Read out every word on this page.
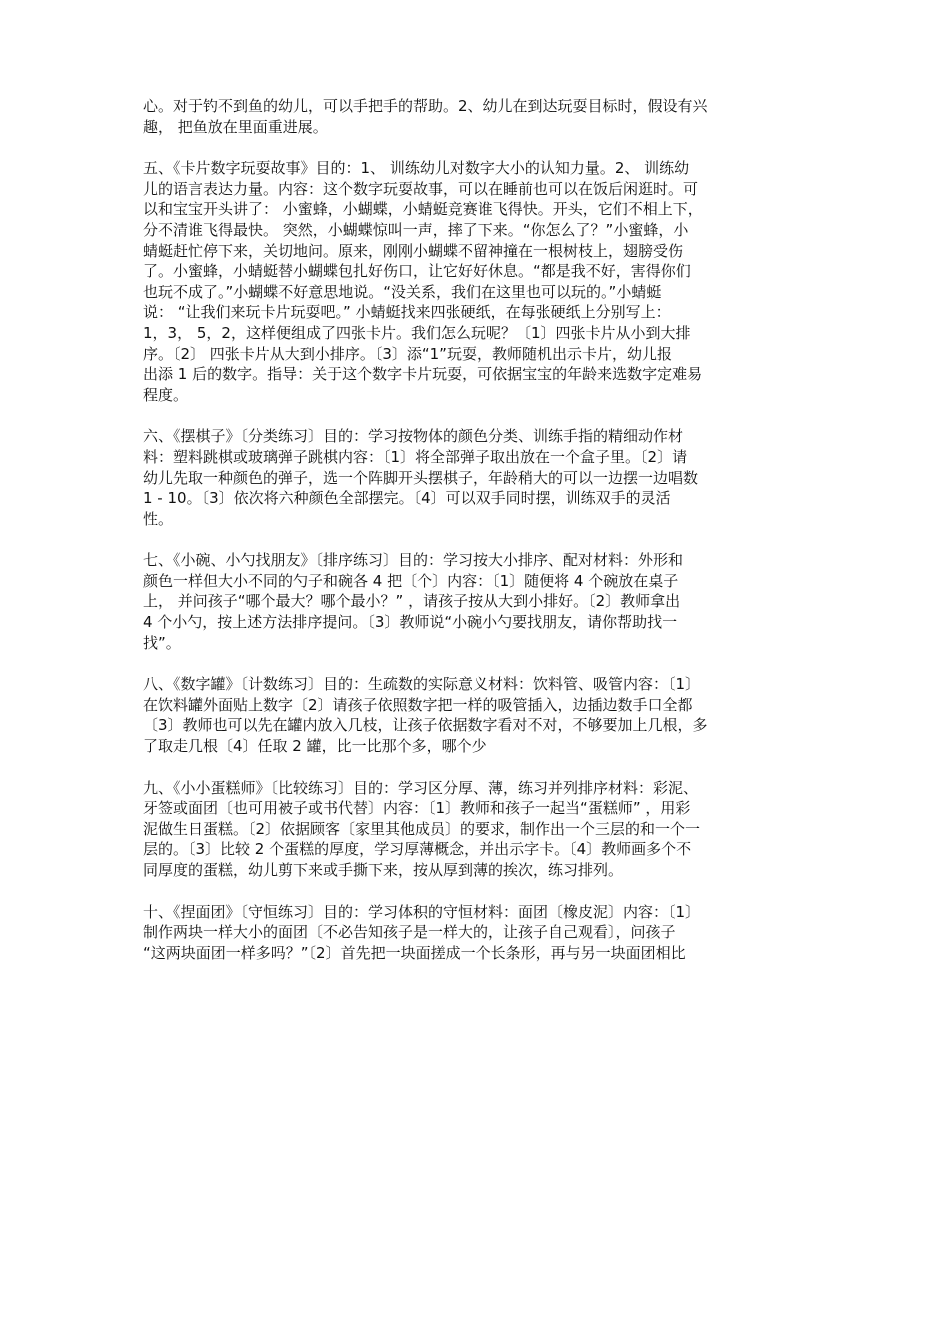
心。对于钓不到鱼的幼儿，可以手把手的帮助。2、幼儿在到达玩耍目标时，假设有兴
趣， 把鱼放在里面重进展。
五、《卡片数字玩耍故事》目的：1、 训练幼儿对数字大小的认知力量。2、 训练幼
儿的语言表达力量。内容：这个数字玩耍故事，可以在睡前也可以在饭后闲逛时。可
以和宝宝开头讲了： 小蜜蜂，小蝴蝶，小蜻蜓竞赛谁飞得快。开头，它们不相上下，
分不清谁飞得最快。 突然，小蝴蝶惊叫一声，摔了下来。“你怎么了？”小蜜蜂，小
蜻蜓赶忙停下来，关切地问。原来，刚刚小蝴蝶不留神撞在一根树枝上，翅膀受伤
了。小蜜蜂，小蜻蜓替小蝴蝶包扎好伤口，让它好好休息。“都是我不好，害得你们
也玩不成了。”小蝴蝶不好意思地说。“没关系，我们在这里也可以玩的。”小蜻蜓
说： “让我们来玩卡片玩耍吧。” 小蜻蜓找来四张硬纸，在每张硬纸上分别写上：
1，3， 5，2，这样便组成了四张卡片。我们怎么玩呢？〔1〕四张卡片从小到大排
序。〔2〕 四张卡片从大到小排序。〔3〕添“1”玩耍，教师随机出示卡片，幼儿报
出添 1 后的数字。指导：关于这个数字卡片玩耍，可依据宝宝的年龄来选数字定难易
程度。
六、《摆棋子》〔分类练习〕目的：学习按物体的颜色分类、训练手指的精细动作材
料：塑料跳棋或玻璃弹子跳棋内容：〔1〕将全部弹子取出放在一个盒子里。〔2〕请
幼儿先取一种颜色的弹子，选一个阵脚开头摆棋子，年龄稍大的可以一边摆一边唱数
1 - 10。〔3〕依次将六种颜色全部摆完。〔4〕可以双手同时摆，训练双手的灵活
性。
七、《小碗、小勺找朋友》〔排序练习〕目的：学习按大小排序、配对材料：外形和
颜色一样但大小不同的勺子和碗各 4 把〔个〕内容：〔1〕随便将 4 个碗放在桌子
上， 并问孩子“哪个最大？哪个最小？” ，请孩子按从大到小排好。〔2〕教师拿出
4 个小勺，按上述方法排序提问。〔3〕教师说“小碗小勺要找朋友，请你帮助找一
找”。
八、《数字罐》〔计数练习〕目的：生疏数的实际意义材料：饮料管、吸管内容：〔1〕
在饮料罐外面贴上数字〔2〕请孩子依照数字把一样的吸管插入，边插边数手口全都
〔3〕教师也可以先在罐内放入几枝，让孩子依据数字看对不对，不够要加上几根，多
了取走几根〔4〕任取 2 罐，比一比那个多，哪个少
九、《小小蛋糕师》〔比较练习〕目的：学习区分厚、薄，练习并列排序材料：彩泥、
牙签或面团〔也可用被子或书代替〕内容：〔1〕教师和孩子一起当“蛋糕师” ，用彩
泥做生日蛋糕。〔2〕依据顾客〔家里其他成员〕的要求，制作出一个三层的和一个一
层的。〔3〕比较 2 个蛋糕的厚度，学习厚薄概念，并出示字卡。〔4〕教师画多个不
同厚度的蛋糕，幼儿剪下来或手撕下来，按从厚到薄的挨次，练习排列。
十、《捏面团》〔守恒练习〕目的：学习体积的守恒材料：面团〔橡皮泥〕内容：〔1〕
制作两块一样大小的面团〔不必告知孩子是一样大的，让孩子自己观看〕，问孩子
“这两块面团一样多吗？”〔2〕首先把一块面搓成一个长条形，再与另一块面团相比
